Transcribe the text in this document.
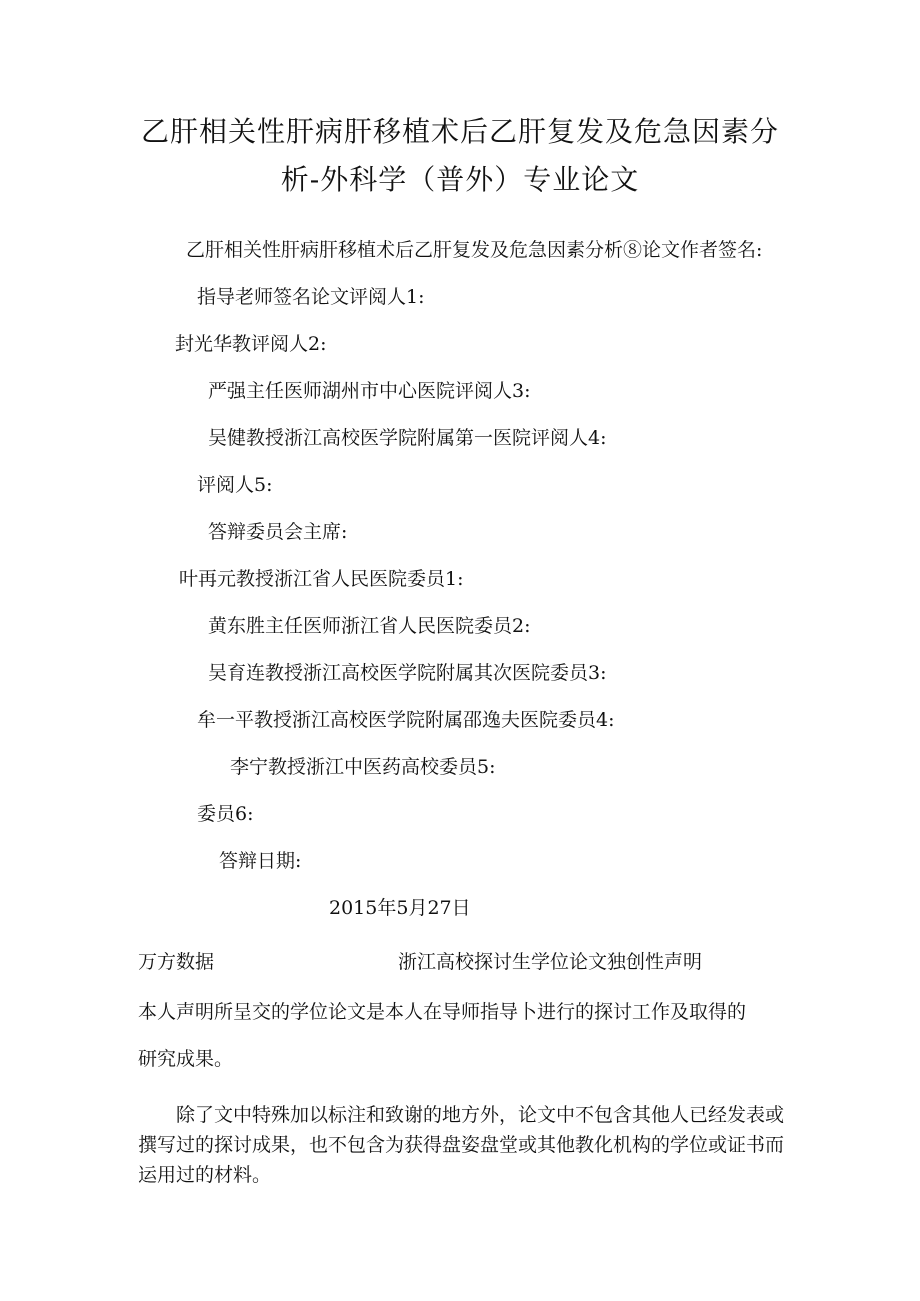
乙肝相关性肝病肝移植术后乙肝复发及危急因素分
析-外科学（普外）专业论文
乙肝相关性肝病肝移植术后乙肝复发及危急因素分析⑧论文作者签名:
指导老师签名论文评阅人1:
封光华教评阅人2:
严强主任医师湖州市中心医院评阅人3:
吴健教授浙江高校医学院附属第一医院评阅人4:
评阅人5:
答辩委员会主席:
叶再元教授浙江省人民医院委员1:
黄东胜主任医师浙江省人民医院委员2:
吴育连教授浙江高校医学院附属其次医院委员3:
牟一平教授浙江高校医学院附属邵逸夫医院委员4:
李宁教授浙江中医药高校委员5:
委员6:
答辩日期:
2015年5月27日
万方数据	浙江高校探讨生学位论文独创性声明
本人声明所呈交的学位论文是本人在导师指导卜进行的探讨工作及取得的
研究成果。
除了文中特殊加以标注和致谢的地方外，论文中不包含其他人已经发表或撰写过的探讨成果，也不包含为获得盘姿盘堂或其他教化机构的学位或证书而运用过的材料。
